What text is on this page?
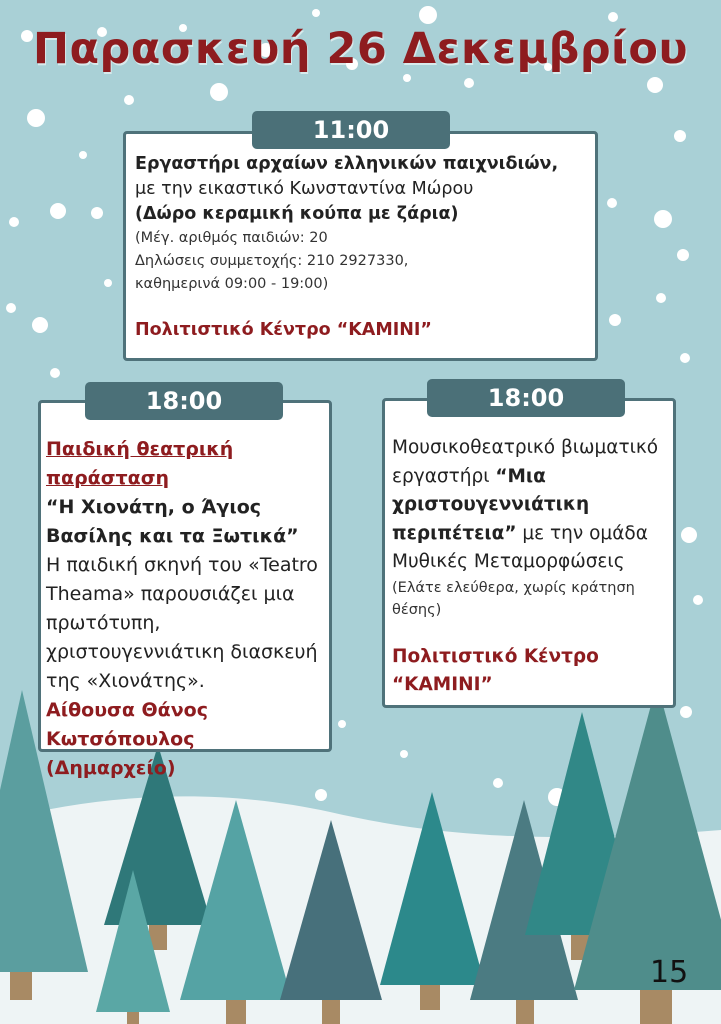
Παρασκευή 26 Δεκεμβρίου

Εργαστήρι αρχαίων ελληνικών παιχνιδιών,

με την εικαστικό Κωνσταντίνα Μώρου

(Δώρο κεραμική κούπα με ζάρια)

(Μέγ. αριθμός παιδιών: 20

Δηλώσεις συμμετοχής: 210 2927330,

καθημερινά 09:00 - 19:00)

Πολιτιστικό Κέντρο “ΚΑΜΙΝΙ”

11:00

Παιδική θεατρική
παράσταση

“Η Χιονάτη, ο Άγιος
Βασίλης και τα Ξωτικά”

Η παιδική σκηνή του «Teatro
Theama» παρουσιάζει μια
πρωτότυπη,
χριστουγεννιάτικη διασκευή
της «Χιονάτης».

Αίθουσα Θάνος
Κωτσόπουλος (Δημαρχείο)

18:00

Μουσικοθεατρικό βιωματικό

εργαστήρι “Μια
χριστουγεννιάτικη
περιπέτεια” με την ομάδα

Μυθικές Μεταμορφώσεις

(Ελάτε ελεύθερα, χωρίς κράτηση
θέσης)

Πολιτιστικό Κέντρο
“ΚΑΜΙΝΙ”

18:00
15
